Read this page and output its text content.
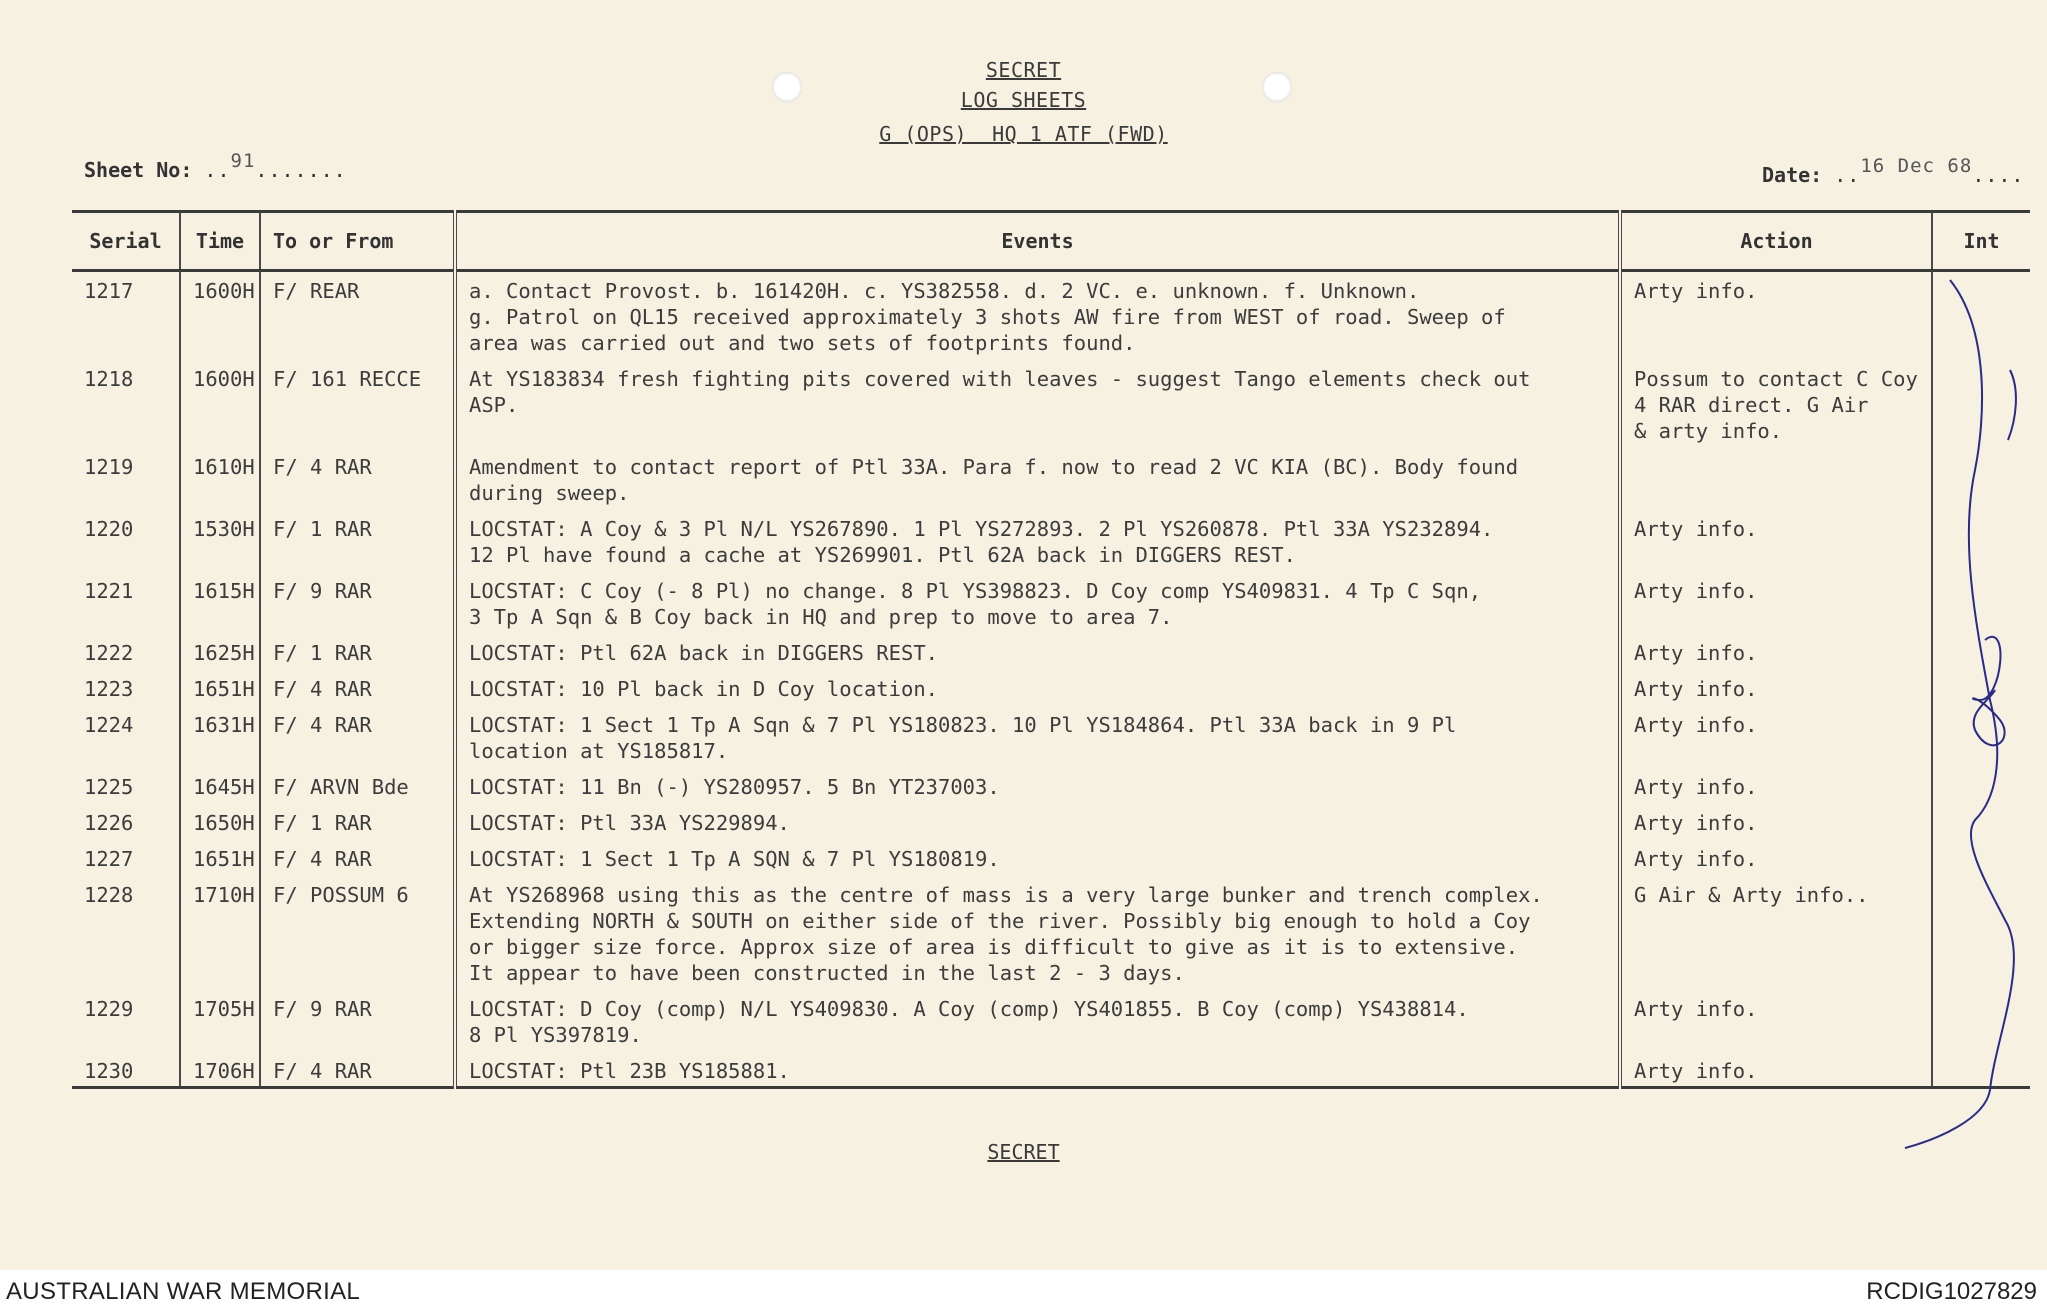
SECRET
LOG SHEETS
G (OPS)  HQ 1 ATF (FWD)
Sheet No: ..91.......	Date: ..16 Dec 68....
Serial	Time	To or From	Events	Action	Int
1217	1600H	F/ REAR	a. Contact Provost. b. 161420H. c. YS382558. d. 2 VC. e. unknown. f. Unknown.
g. Patrol on QL15 received approximately 3 shots AW fire from WEST of road. Sweep of
area was carried out and two sets of footprints found.	Arty info.	
1218	1600H	F/ 161 RECCE	At YS183834 fresh fighting pits covered with leaves - suggest Tango elements check out
ASP.	Possum to contact C Coy
4 RAR direct. G Air
& arty info.	
1219	1610H	F/ 4 RAR	Amendment to contact report of Ptl 33A. Para f. now to read 2 VC KIA (BC). Body found
during sweep.		
1220	1530H	F/ 1 RAR	LOCSTAT: A Coy & 3 Pl N/L YS267890. 1 Pl YS272893. 2 Pl YS260878. Ptl 33A YS232894.
12 Pl have found a cache at YS269901. Ptl 62A back in DIGGERS REST.	Arty info.	
1221	1615H	F/ 9 RAR	LOCSTAT: C Coy (- 8 Pl) no change. 8 Pl YS398823. D Coy comp YS409831. 4 Tp C Sqn,
3 Tp A Sqn & B Coy back in HQ and prep to move to area 7.	Arty info.	
1222	1625H	F/ 1 RAR	LOCSTAT: Ptl 62A back in DIGGERS REST.	Arty info.	
1223	1651H	F/ 4 RAR	LOCSTAT: 10 Pl back in D Coy location.	Arty info.	
1224	1631H	F/ 4 RAR	LOCSTAT: 1 Sect 1 Tp A Sqn & 7 Pl YS180823. 10 Pl YS184864. Ptl 33A back in 9 Pl
location at YS185817.	Arty info.	
1225	1645H	F/ ARVN Bde	LOCSTAT: 11 Bn (-) YS280957. 5 Bn YT237003.	Arty info.	
1226	1650H	F/ 1 RAR	LOCSTAT: Ptl 33A YS229894.	Arty info.	
1227	1651H	F/ 4 RAR	LOCSTAT: 1 Sect 1 Tp A SQN & 7 Pl YS180819.	Arty info.	
1228	1710H	F/ POSSUM 6	At YS268968 using this as the centre of mass is a very large bunker and trench complex.
Extending NORTH & SOUTH on either side of the river. Possibly big enough to hold a Coy
or bigger size force. Approx size of area is difficult to give as it is to extensive.
It appear to have been constructed in the last 2 - 3 days.	G Air & Arty info..	
1229	1705H	F/ 9 RAR	LOCSTAT: D Coy (comp) N/L YS409830. A Coy (comp) YS401855. B Coy (comp) YS438814.
8 Pl YS397819.	Arty info.	
1230	1706H	F/ 4 RAR	LOCSTAT: Ptl 23B YS185881.	Arty info.	
SECRET
AUSTRALIAN WAR MEMORIAL	RCDIG1027829
